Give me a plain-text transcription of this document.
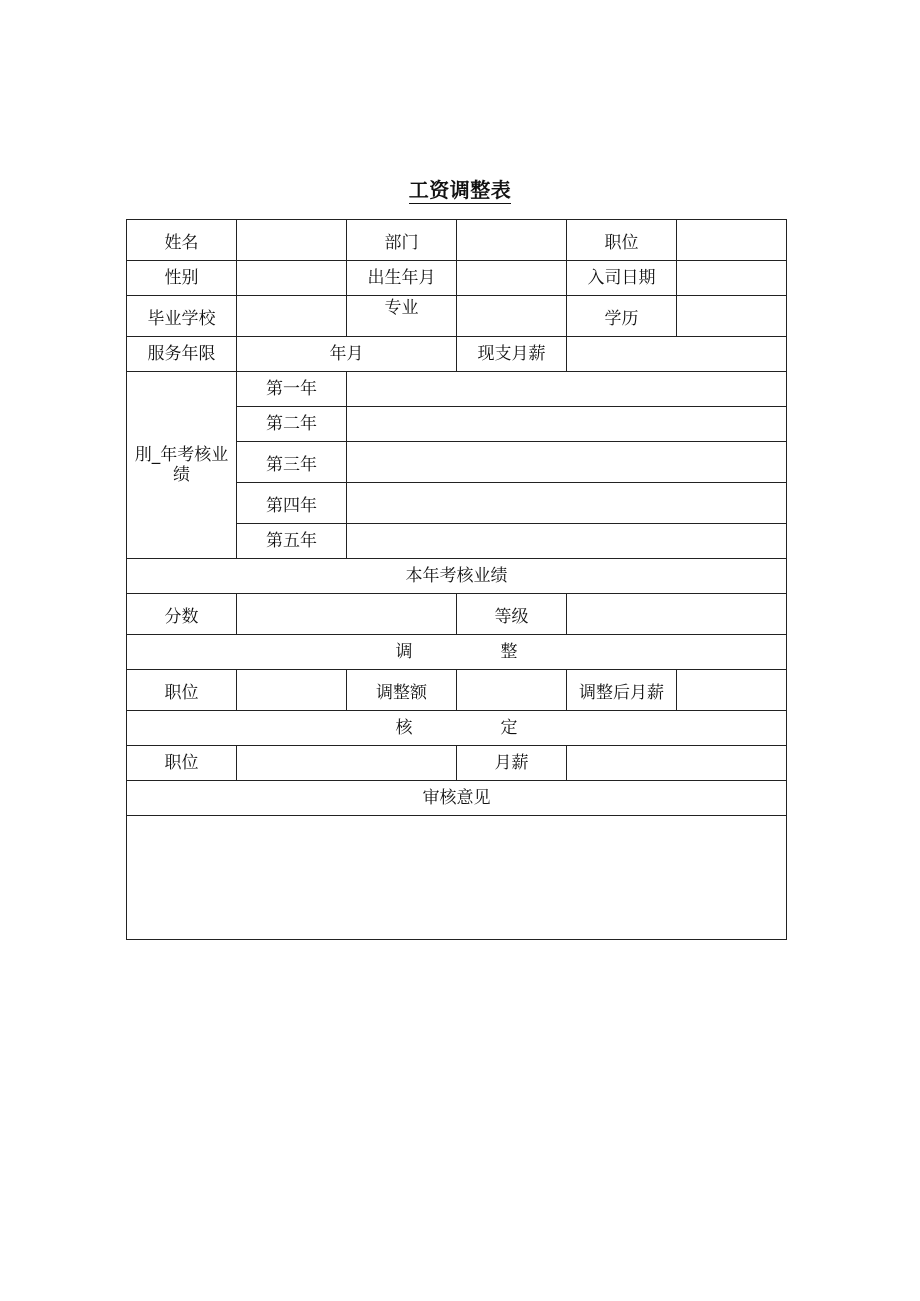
工资调整表
姓名		部门		职位	
性别		出生年月		入司日期	
毕业学校		专业		学历	
服务年限	年月		现支月薪		
刖_年考核业绩	第一年				
	第二年				
	第三年				
	第四年				
	第五年				
本年考核业绩					
分数			等级		
调 整					
职位		调整额		调整后月薪	
核 定					
职位			月薪		
审核意见					
